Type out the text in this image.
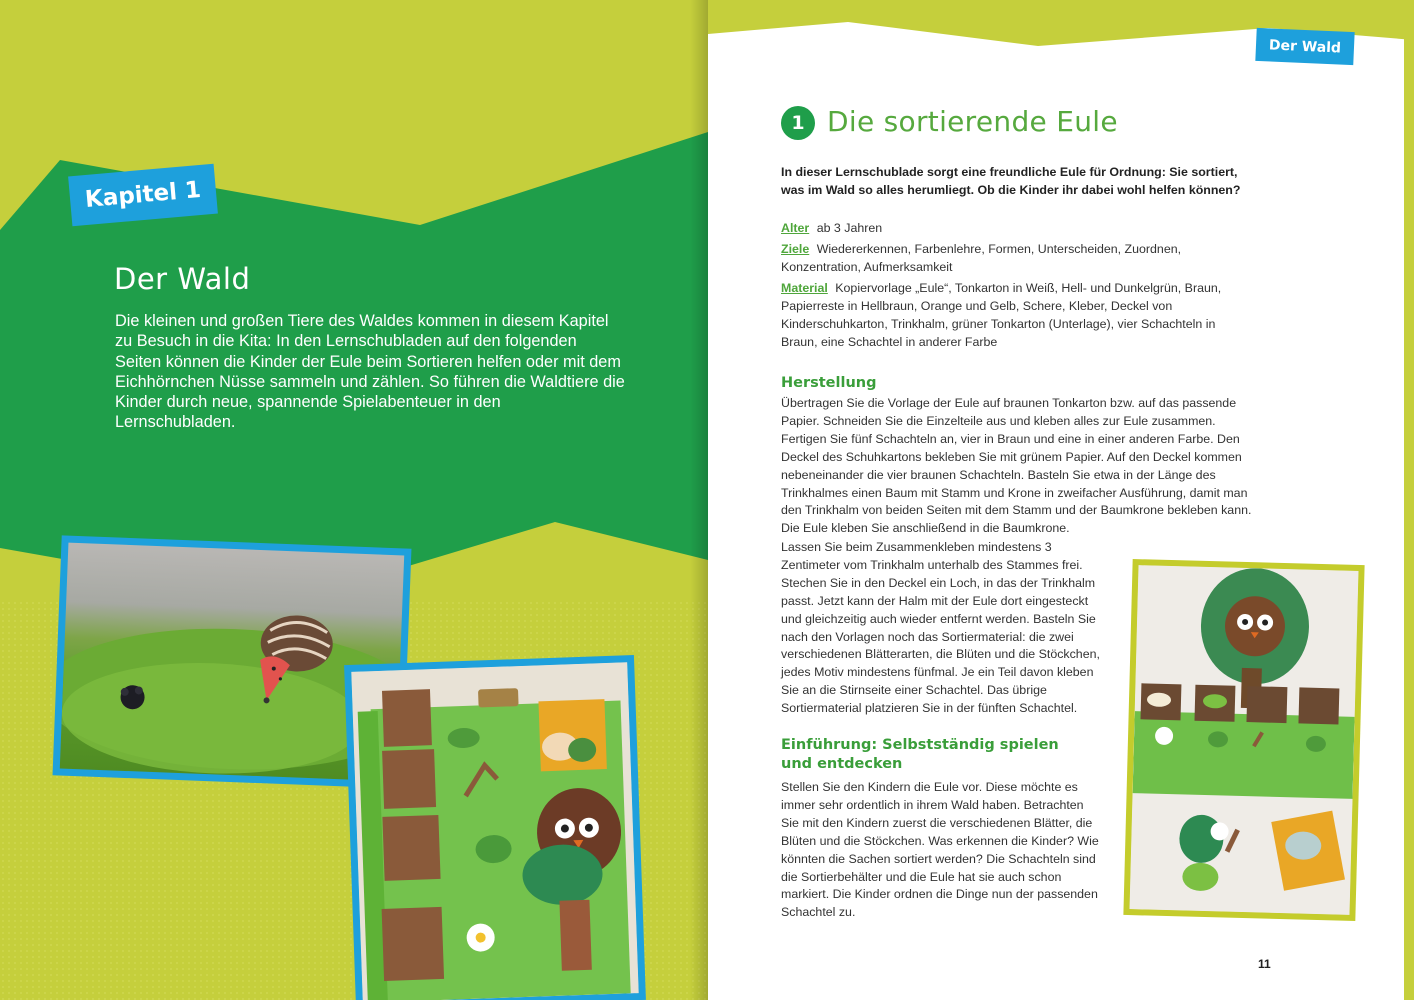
Kapitel 1
Der Wald
Die kleinen und großen Tiere des Waldes kommen in diesem Kapitel zu Besuch in die Kita: In den Lernschubladen auf den folgenden Seiten können die Kinder der Eule beim Sortieren helfen oder mit dem Eichhörnchen Nüsse sammeln und zählen. So führen die Waldtiere die Kinder durch neue, spannende Spielabenteuer in den Lernschubladen.
Der Wald
1 Die sortierende Eule
In dieser Lernschublade sorgt eine freundliche Eule für Ordnung: Sie sortiert, was im Wald so alles herumliegt. Ob die Kinder ihr dabei wohl helfen können?
Alter ab 3 Jahren
Ziele Wiedererkennen, Farbenlehre, Formen, Unterscheiden, Zuordnen, Konzentration, Aufmerksamkeit
Material Kopiervorlage „Eule“, Tonkarton in Weiß, Hell- und Dunkelgrün, Braun, Papierreste in Hellbraun, Orange und Gelb, Schere, Kleber, Deckel von Kinderschuhkarton, Trinkhalm, grüner Tonkarton (Unterlage), vier Schachteln in Braun, eine Schachtel in anderer Farbe
Herstellung
Übertragen Sie die Vorlage der Eule auf braunen Tonkarton bzw. auf das passende Papier. Schneiden Sie die Einzelteile aus und kleben alles zur Eule zusammen. Fertigen Sie fünf Schachteln an, vier in Braun und eine in einer anderen Farbe. Den Deckel des Schuhkartons bekleben Sie mit grünem Papier. Auf den Deckel kommen nebeneinander die vier braunen Schachteln. Basteln Sie etwa in der Länge des Trinkhalmes einen Baum mit Stamm und Krone in zweifacher Ausführung, damit man den Trinkhalm von beiden Seiten mit dem Stamm und der Baumkrone bekleben kann. Die Eule kleben Sie anschließend in die Baumkrone.
Lassen Sie beim Zusammenkleben mindestens 3 Zentimeter vom Trinkhalm unterhalb des Stammes frei. Stechen Sie in den Deckel ein Loch, in das der Trinkhalm passt. Jetzt kann der Halm mit der Eule dort eingesteckt und gleichzeitig auch wieder entfernt werden. Basteln Sie nach den Vorlagen noch das Sortiermaterial: die zwei verschiedenen Blätterarten, die Blüten und die Stöckchen, jedes Motiv mindestens fünfmal. Je ein Teil davon kleben Sie an die Stirnseite einer Schachtel. Das übrige Sortiermaterial platzieren Sie in der fünften Schachtel.
Einführung: Selbstständig spielen und entdecken
Stellen Sie den Kindern die Eule vor. Diese möchte es immer sehr ordentlich in ihrem Wald haben. Betrachten Sie mit den Kindern zuerst die verschiedenen Blätter, die Blüten und die Stöckchen. Was erkennen die Kinder? Wie könnten die Sachen sortiert werden? Die Schachteln sind die Sortierbehälter und die Eule hat sie auch schon markiert. Die Kinder ordnen die Dinge nun der passenden Schachtel zu.
11
